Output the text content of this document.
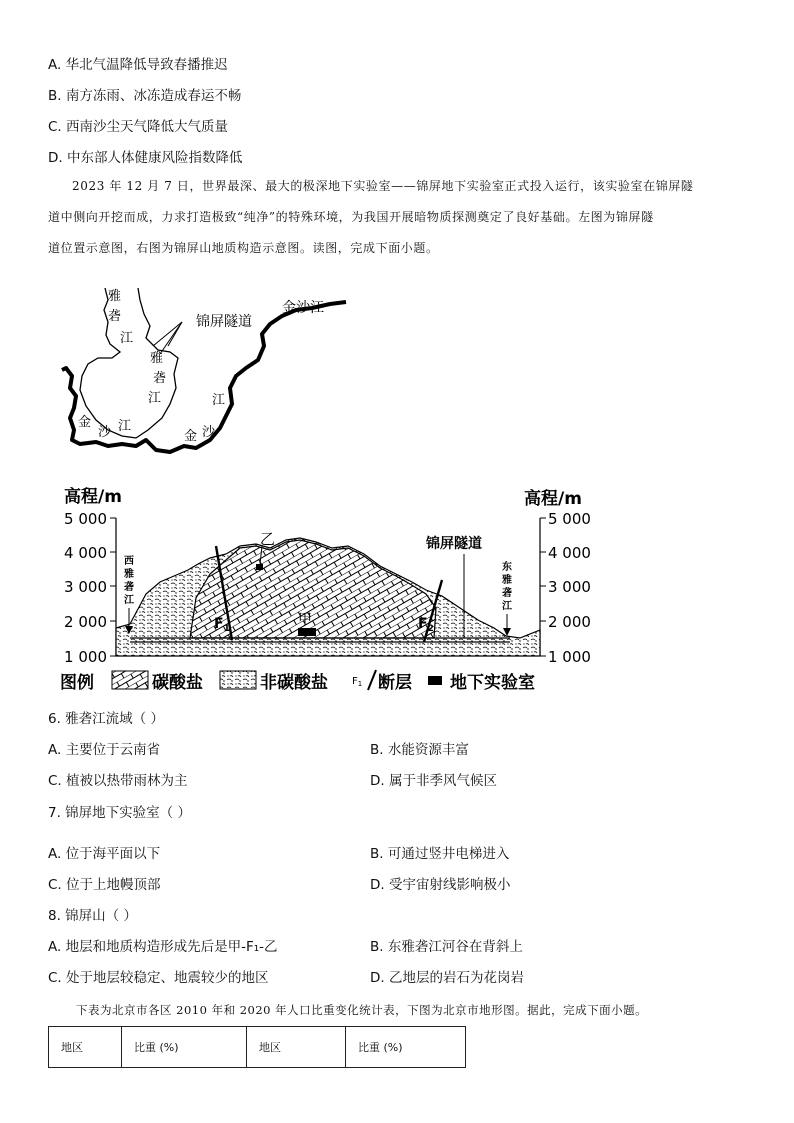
A. 华北气温降低导致春播推迟
B. 南方冻雨、冰冻造成春运不畅
C. 西南沙尘天气降低大气质量
D. 中东部人体健康风险指数降低

2023 年 12 月 7 日，世界最深、最大的极深地下实验室——锦屏地下实验室正式投入运行，该实验室在锦屏隧

道中侧向开挖而成，力求打造极致“纯净”的特殊环境，为我国开展暗物质探测奠定了良好基础。左图为锦屏隧

道位置示意图，右图为锦屏山地质构造示意图。读图，完成下面小题。

雅
砻
江
雅
砻
江
锦屏隧道
金沙江
金
沙 江
江
金 沙
高程/m	高程/m
5 000
4 000
3 000
2 000
1 000
5 000
4 000
3 000
2 000
1 000
锦屏隧道
甲
乙
$F_1$	$F_2$
西
雅
砻
江
东
雅
砻
江
图例	碳酸盐	非碳酸盐 $F_1$ 断层 地下实验室
6. 雅砻江流域（ ）
A. 主要位于云南省	B. 水能资源丰富
C. 植被以热带雨林为主	D. 属于非季风气候区
7. 锦屏地下实验室（ ）
A. 位于海平面以下	B. 可通过竖井电梯进入
C. 位于上地幔顶部	D. 受宇宙射线影响极小
8. 锦屏山（ ）
A. 地层和地质构造形成先后是甲-F₁-乙	B. 东雅砻江河谷在背斜上
C. 处于地层较稳定、地震较少的地区	D. 乙地层的岩石为花岗岩
下表为北京市各区 2010 年和 2020 年人口比重变化统计表，下图为北京市地形图。据此，完成下面小题。
地区	比重 (%)	地区	比重 (%)
